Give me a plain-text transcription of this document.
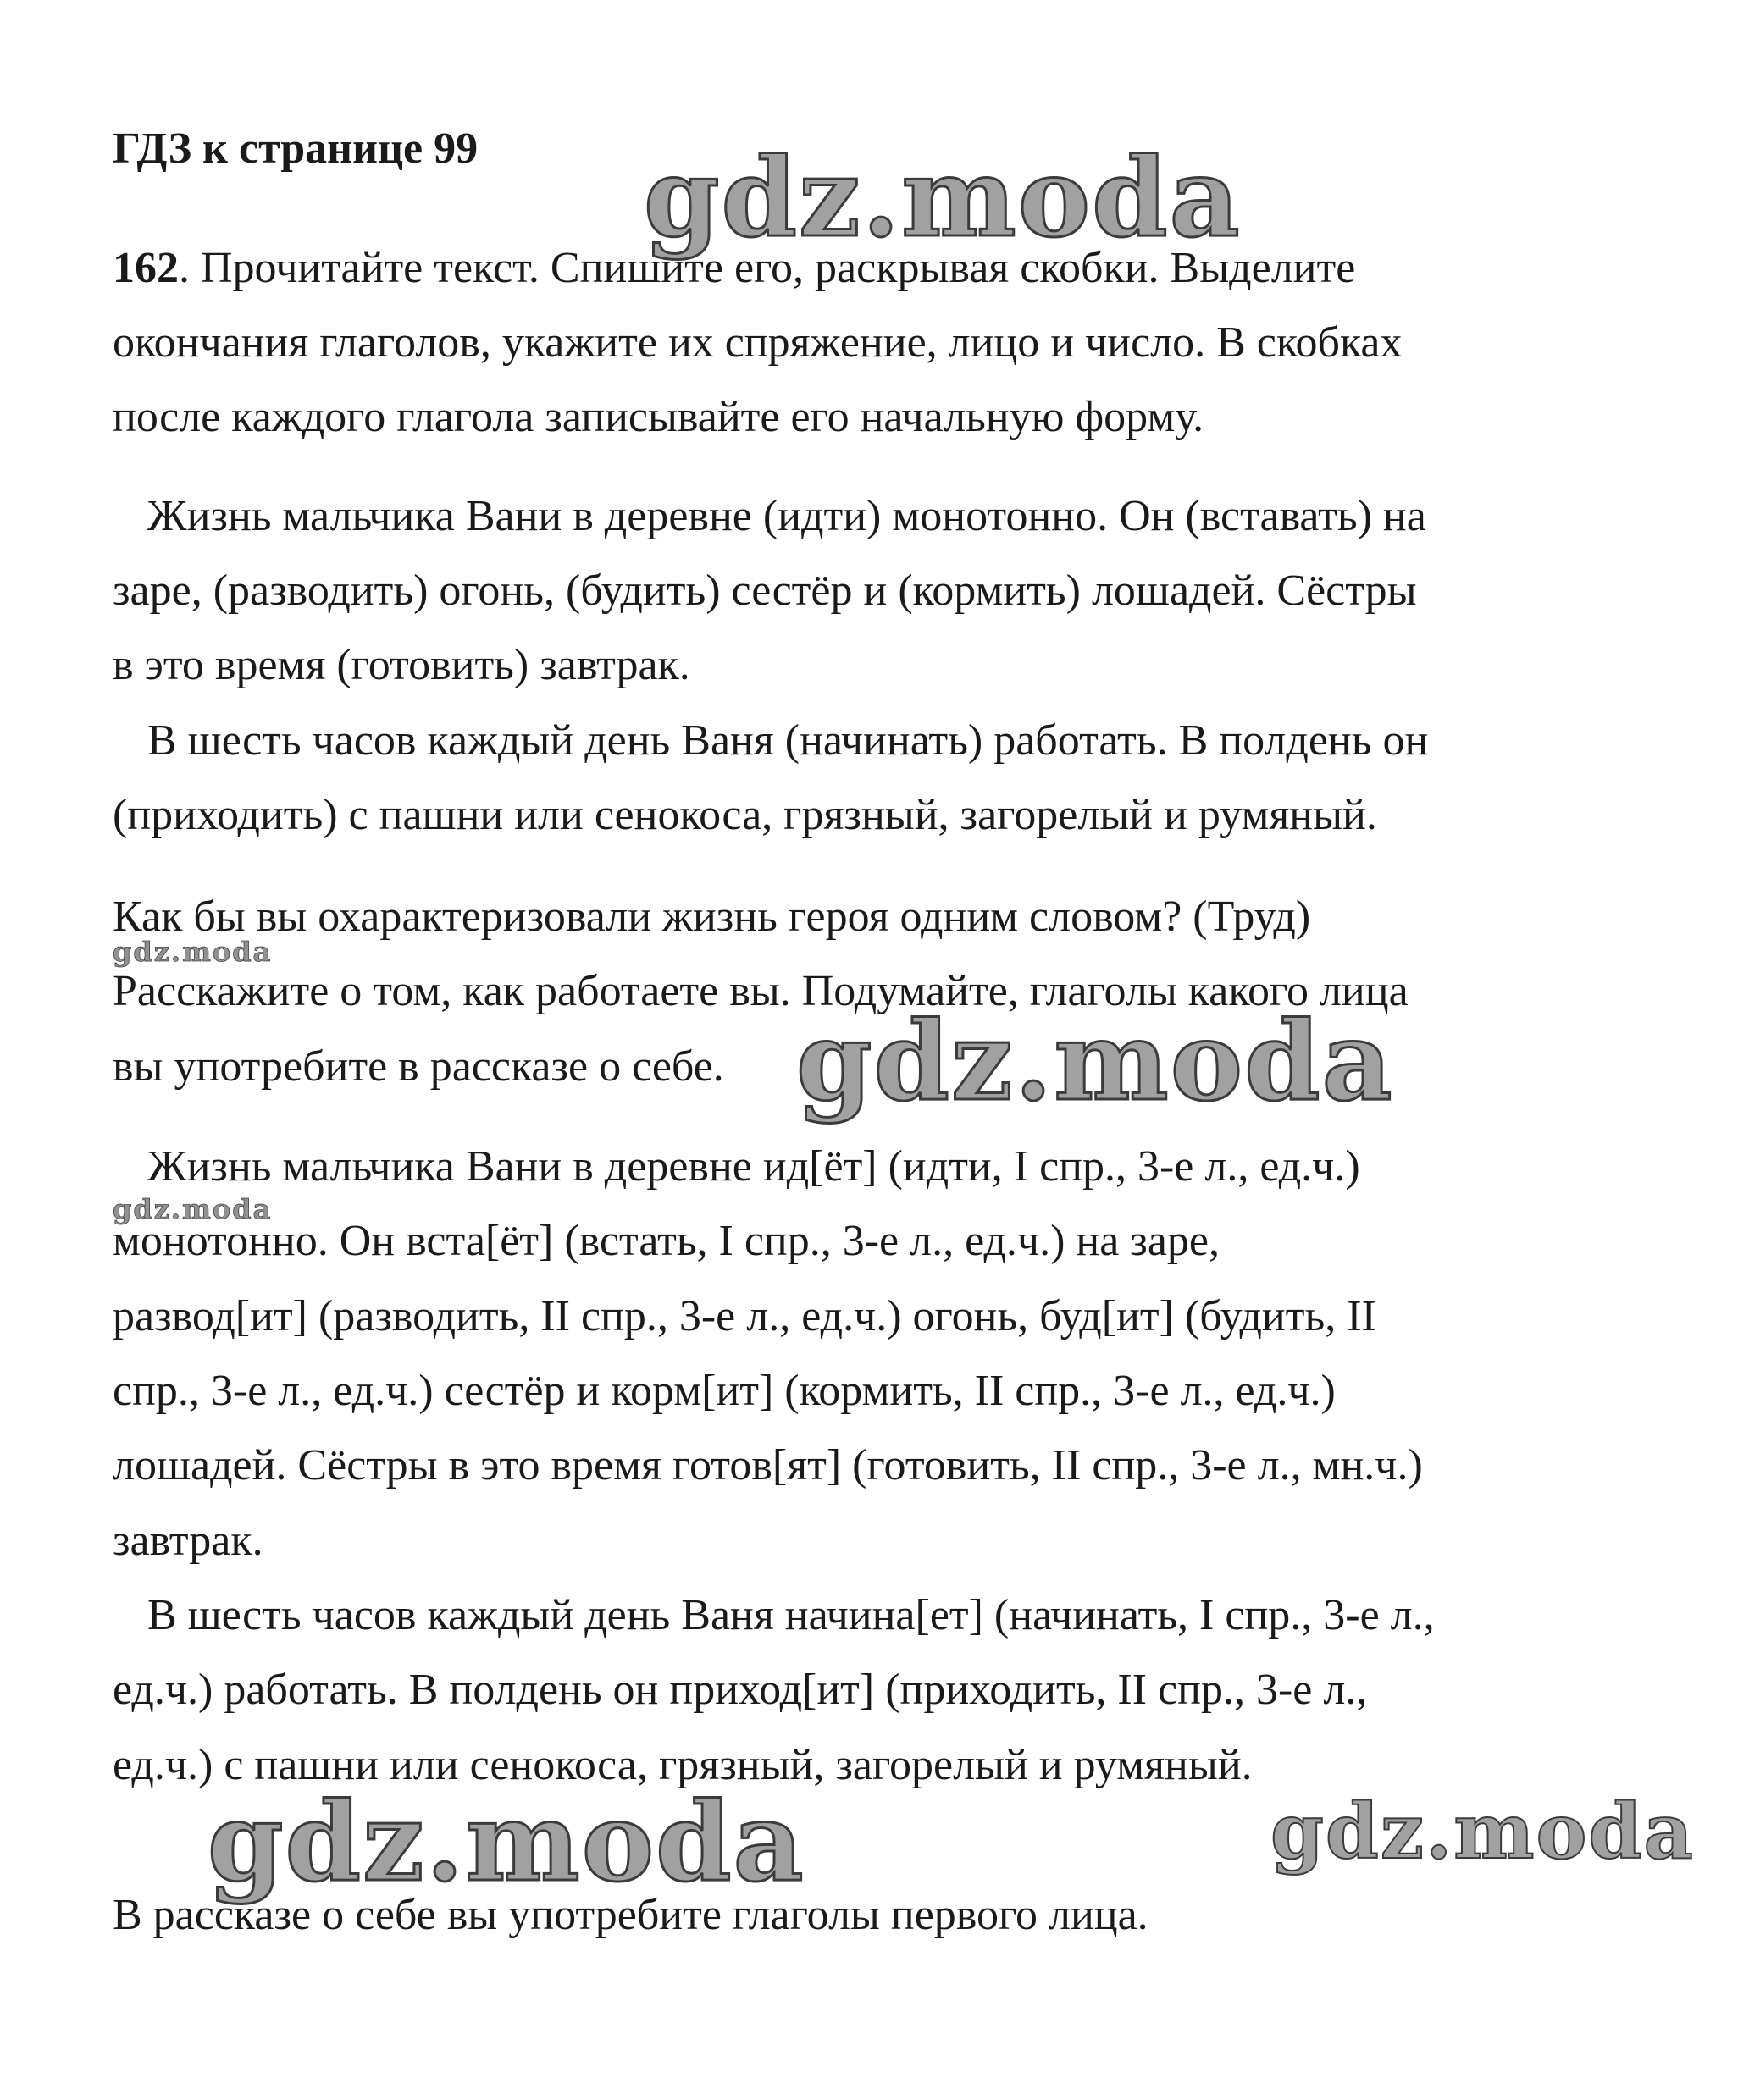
ГДЗ к странице 99
162. Прочитайте текст. Спишите его, раскрывая скобки. Выделите
окончания глаголов, укажите их спряжение, лицо и число. В скобках
после каждого глагола записывайте его начальную форму.
Жизнь мальчика Вани в деревне (идти) монотонно. Он (вставать) на
заре, (разводить) огонь, (будить) сестёр и (кормить) лошадей. Сёстры
в это время (готовить) завтрак.
В шесть часов каждый день Ваня (начинать) работать. В полдень он
(приходить) с пашни или сенокоса, грязный, загорелый и румяный.
Как бы вы охарактеризовали жизнь героя одним словом? (Труд)
Расскажите о том, как работаете вы. Подумайте, глаголы какого лица
вы употребите в рассказе о себе.
Жизнь мальчика Вани в деревне ид[ёт] (идти, I спр., 3-е л., ед.ч.)
монотонно. Он вста[ёт] (встать, I спр., 3-е л., ед.ч.) на заре,
развод[ит] (разводить, II спр., 3-е л., ед.ч.) огонь, буд[ит] (будить, II
спр., 3-е л., ед.ч.) сестёр и корм[ит] (кормить, II спр., 3-е л., ед.ч.)
лошадей. Сёстры в это время готов[ят] (готовить, II спр., 3-е л., мн.ч.)
завтрак.
В шесть часов каждый день Ваня начина[ет] (начинать, I спр., 3-е л.,
ед.ч.) работать. В полдень он приход[ит] (приходить, II спр., 3-е л.,
ед.ч.) с пашни или сенокоса, грязный, загорелый и румяный.
В рассказе о себе вы употребите глаголы первого лица.
gdz.moda
gdz.moda
gdz.moda
gdz.moda
gdz.moda	gdz.moda
